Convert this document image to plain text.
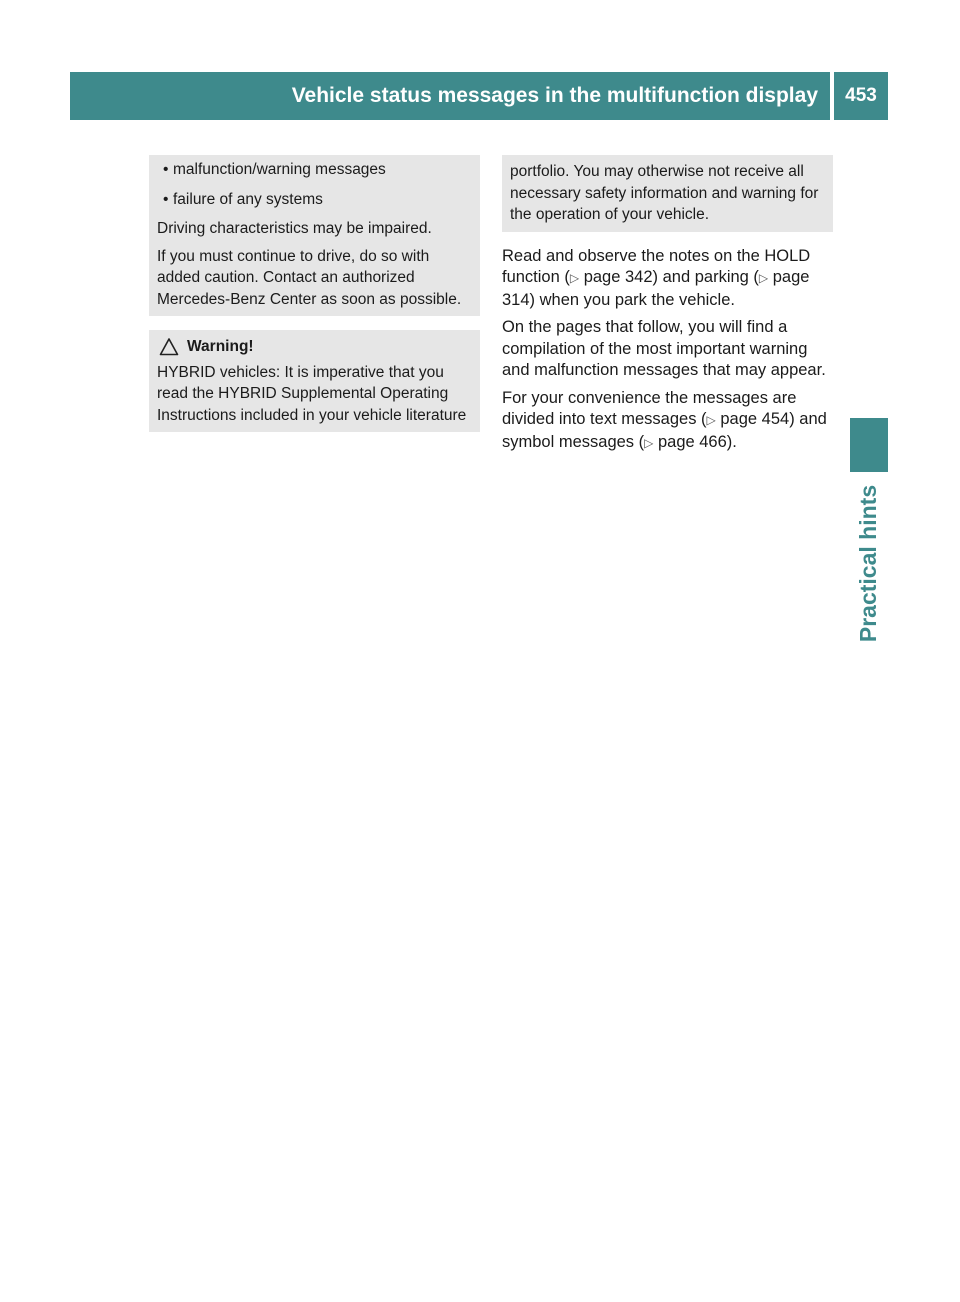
Vehicle status messages in the multifunction display 453
Practical hints
• malfunction/warning messages
• failure of any systems

Driving characteristics may be impaired.

If you must continue to drive, do so with added caution. Contact an authorized Mercedes-Benz Center as soon as possible.

Warning!

HYBRID vehicles: It is imperative that you read the HYBRID Supplemental Operating Instructions included in your vehicle literature

portfolio. You may otherwise not receive all necessary safety information and warning for the operation of your vehicle.

Read and observe the notes on the HOLD function (▷ page 342) and parking (▷ page 314) when you park the vehicle.

On the pages that follow, you will find a compilation of the most important warning and malfunction messages that may appear.

For your convenience the messages are divided into text messages (▷ page 454) and symbol messages (▷ page 466).
